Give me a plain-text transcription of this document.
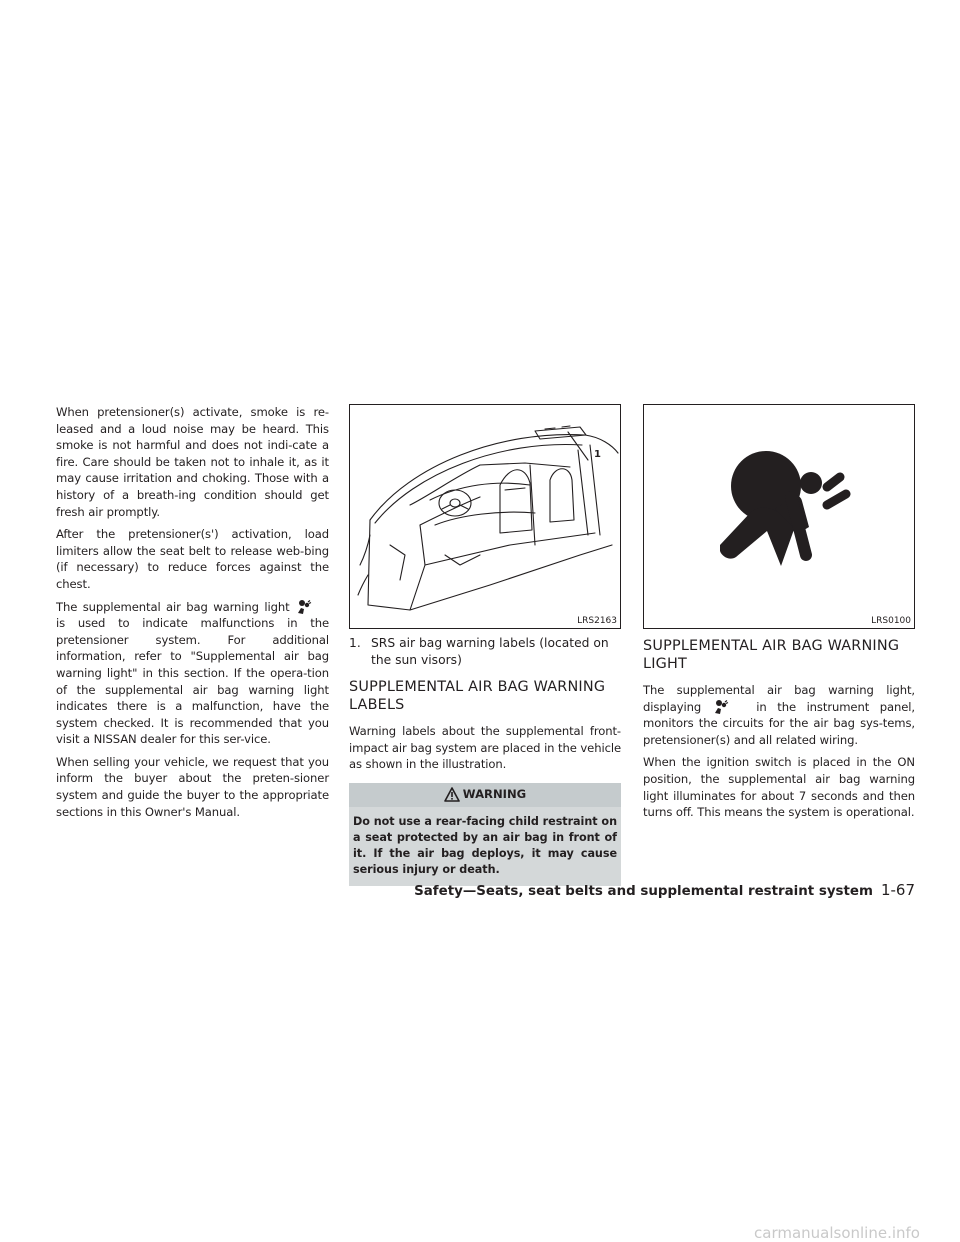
When pretensioner(s) activate, smoke is re-leased and a loud noise may be heard. This smoke is not harmful and does not indi-cate a fire. Care should be taken not to inhale it, as it may cause irritation and choking. Those with a history of a breath-ing condition should get fresh air promptly.

After the pretensioner(s') activation, load limiters allow the seat belt to release web-bing (if necessary) to reduce forces against the chest.

The supplemental air bag warning light
is used to indicate malfunctions in the pretensioner system. For additional information, refer to "Supplemental air bag warning light" in this section. If the opera-tion of the supplemental air bag warning light indicates there is a malfunction, have the system checked. It is recommended that you visit a NISSAN dealer for this ser-vice.

When selling your vehicle, we request that you inform the buyer about the preten-sioner system and guide the buyer to the appropriate sections in this Owner's Manual.

1
LRS2163
1. SRS air bag warning labels (located on the sun visors)
SUPPLEMENTAL AIR BAG WARNING LABELS

Warning labels about the supplemental front-impact air bag system are placed in the vehicle as shown in the illustration.

WARNING
Do not use a rear-facing child restraint on a seat protected by an air bag in front of it. If the air bag deploys, it may cause serious injury or death.
LRS0100
SUPPLEMENTAL AIR BAG WARNING LIGHT

The supplemental air bag warning light, displaying	in the instrument panel, monitors the circuits for the air bag sys-tems, pretensioner(s) and all related wiring.

When the ignition switch is placed in the ON position, the supplemental air bag warning light illuminates for about 7 seconds and then turns off. This means the system is operational.

Safety—Seats, seat belts and supplemental restraint system 1-67
carmanualsonline.info
